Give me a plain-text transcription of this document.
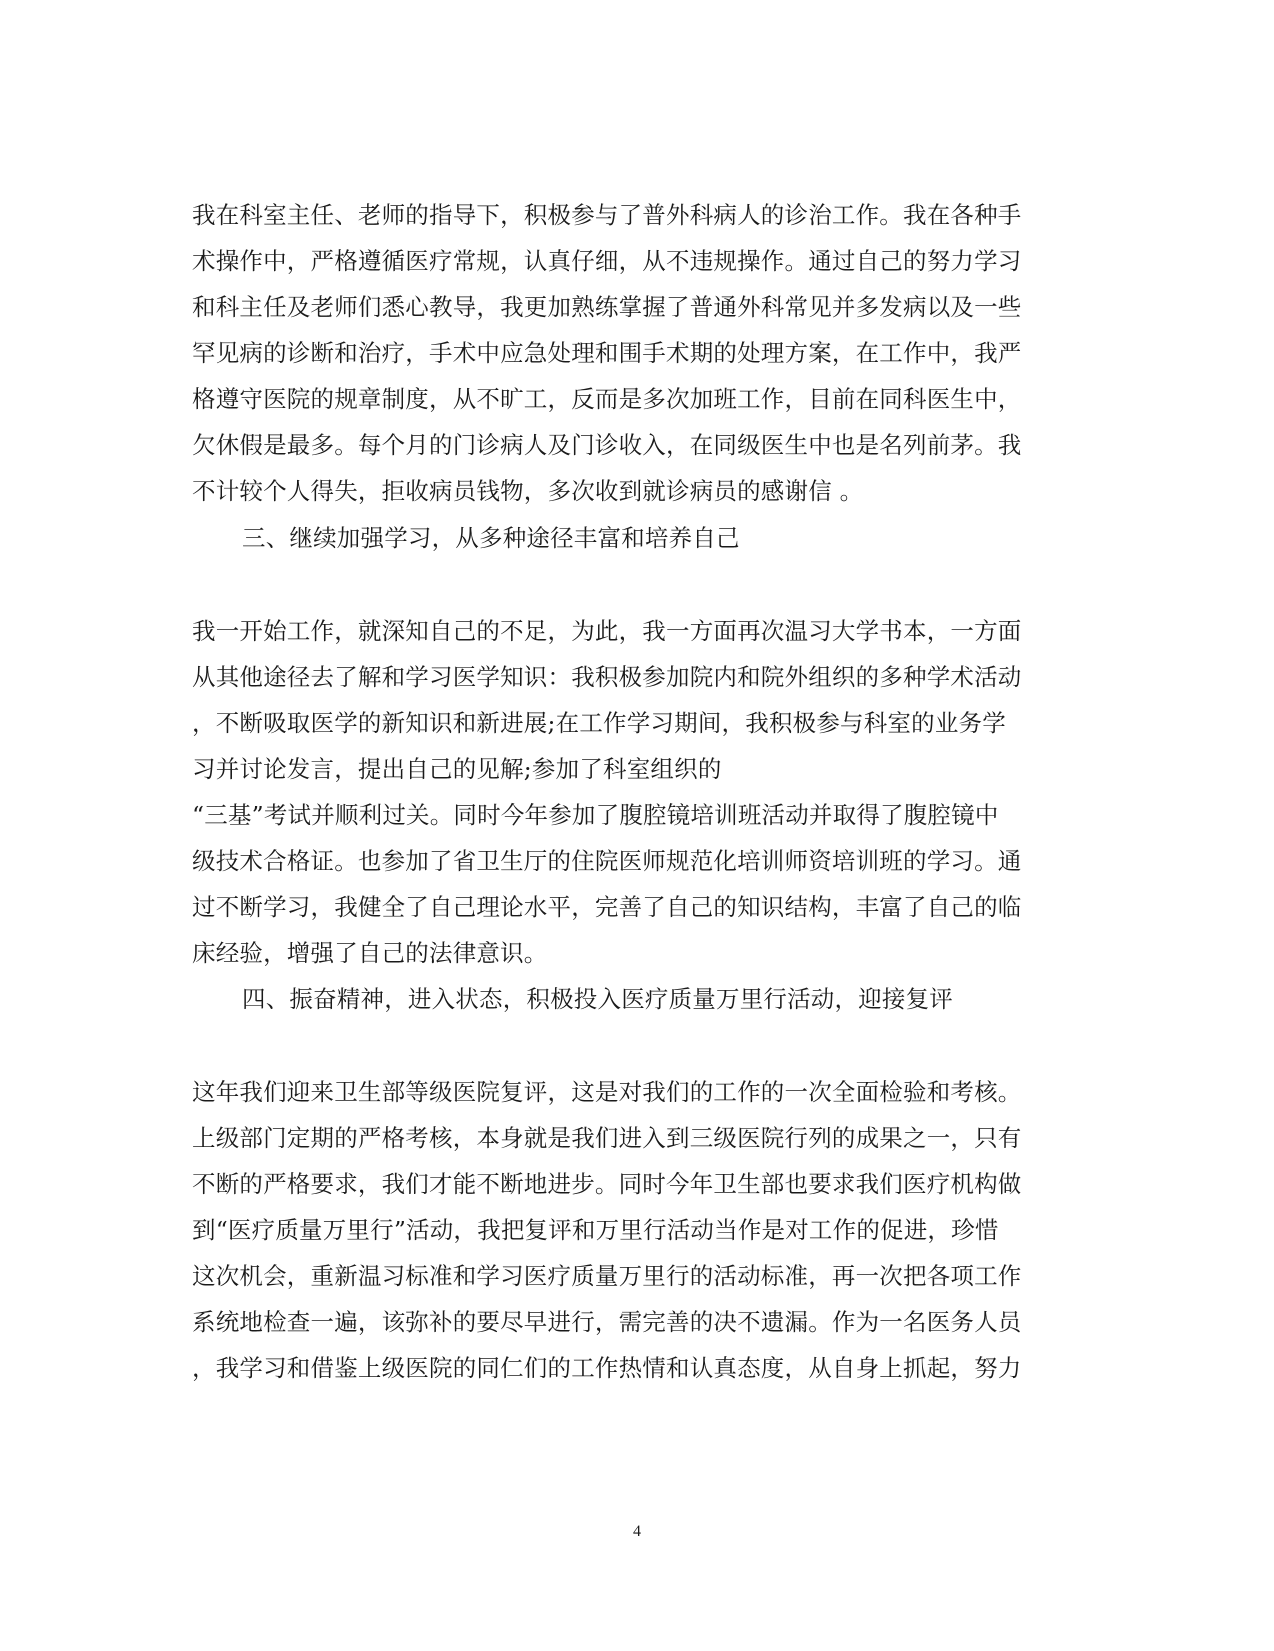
我在科室主任、老师的指导下，积极参与了普外科病人的诊治工作。我在各种手
术操作中，严格遵循医疗常规，认真仔细，从不违规操作。通过自己的努力学习
和科主任及老师们悉心教导，我更加熟练掌握了普通外科常见并多发病以及一些
罕见病的诊断和治疗，手术中应急处理和围手术期的处理方案，在工作中，我严
格遵守医院的规章制度，从不旷工，反而是多次加班工作，目前在同科医生中，
欠休假是最多。每个月的门诊病人及门诊收入，在同级医生中也是名列前茅。我
不计较个人得失，拒收病员钱物，多次收到就诊病员的感谢信 。
三、继续加强学习，从多种途径丰富和培养自己
我一开始工作，就深知自己的不足，为此，我一方面再次温习大学书本，一方面
从其他途径去了解和学习医学知识：我积极参加院内和院外组织的多种学术活动
，不断吸取医学的新知识和新进展;在工作学习期间，我积极参与科室的业务学
习并讨论发言，提出自己的见解;参加了科室组织的
“三基”考试并顺利过关。同时今年参加了腹腔镜培训班活动并取得了腹腔镜中
级技术合格证。也参加了省卫生厅的住院医师规范化培训师资培训班的学习。通
过不断学习，我健全了自己理论水平，完善了自己的知识结构，丰富了自己的临
床经验，增强了自己的法律意识。
四、振奋精神，进入状态，积极投入医疗质量万里行活动，迎接复评
这年我们迎来卫生部等级医院复评，这是对我们的工作的一次全面检验和考核。
上级部门定期的严格考核，本身就是我们进入到三级医院行列的成果之一，只有
不断的严格要求，我们才能不断地进步。同时今年卫生部也要求我们医疗机构做
到“医疗质量万里行”活动，我把复评和万里行活动当作是对工作的促进，珍惜
这次机会，重新温习标准和学习医疗质量万里行的活动标准，再一次把各项工作
系统地检查一遍，该弥补的要尽早进行，需完善的决不遗漏。作为一名医务人员
，我学习和借鉴上级医院的同仁们的工作热情和认真态度，从自身上抓起，努力
4
